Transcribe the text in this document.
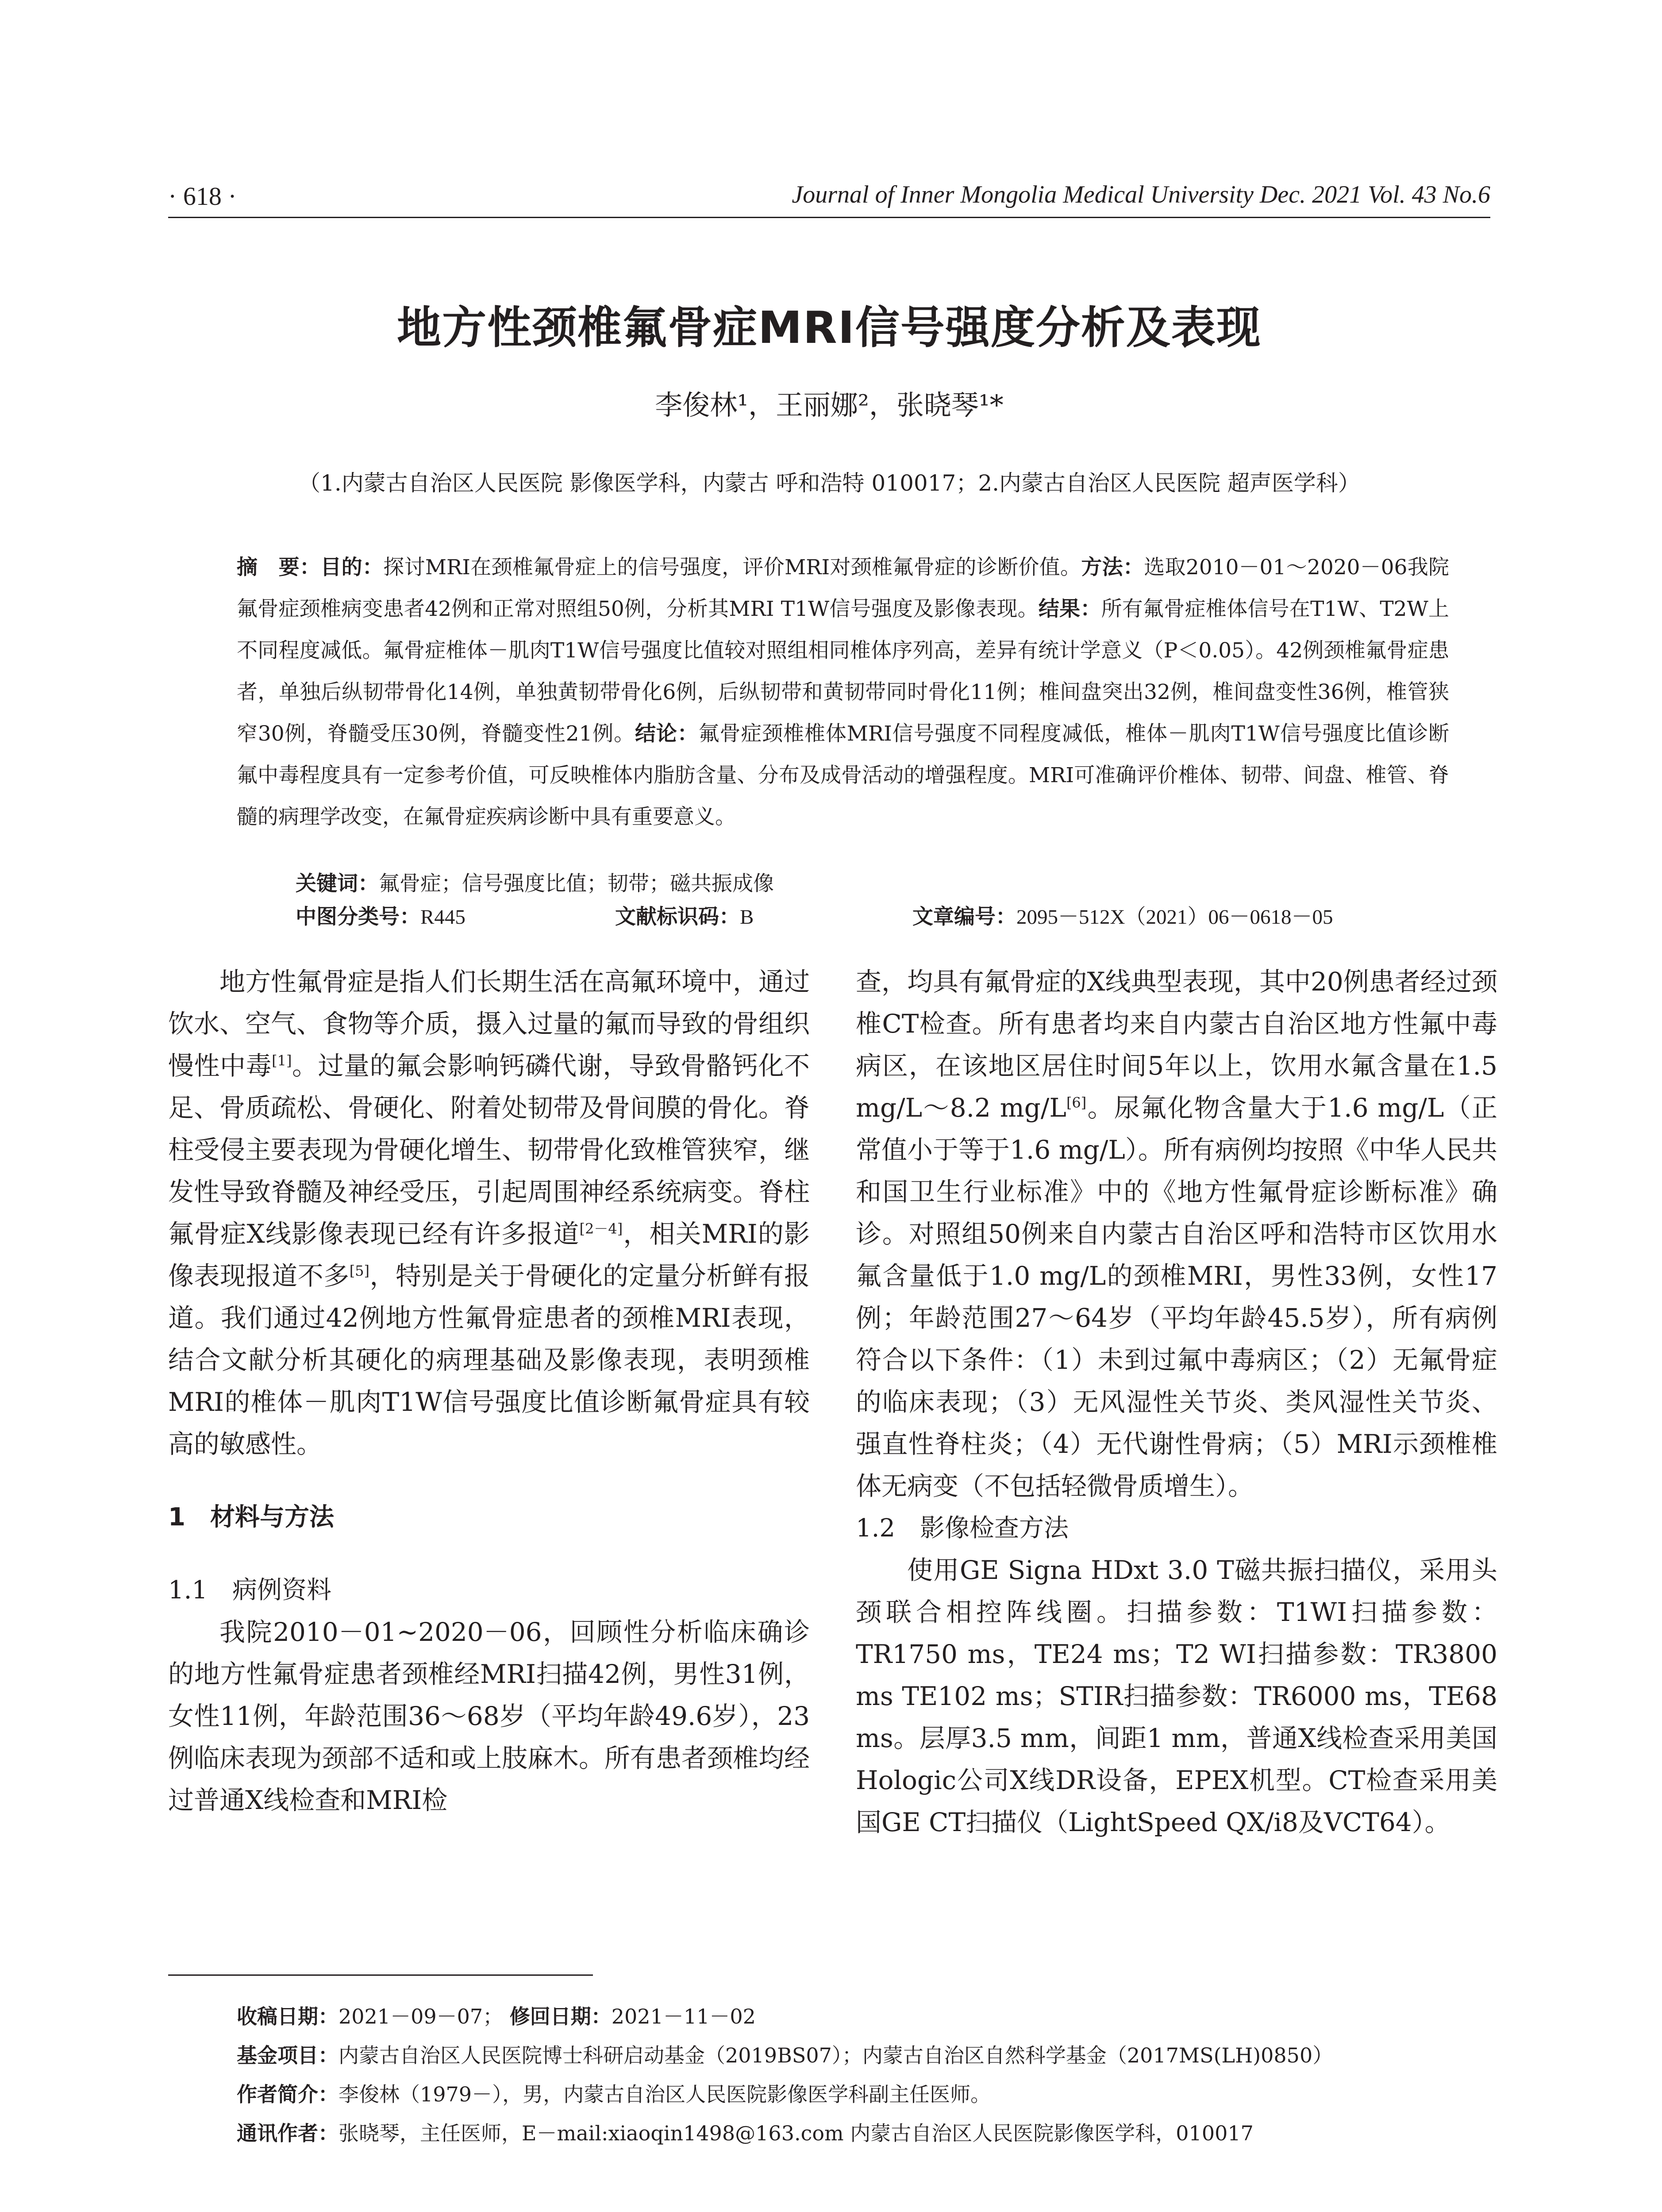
· 618 ·	Journal of Inner Mongolia Medical University Dec. 2021 Vol. 43 No.6
地方性颈椎氟骨症MRI信号强度分析及表现
李俊林¹，王丽娜²，张晓琴¹*
（1.内蒙古自治区人民医院 影像医学科，内蒙古 呼和浩特 010017；2.内蒙古自治区人民医院 超声医学科）
摘　要：目的：探讨MRI在颈椎氟骨症上的信号强度，评价MRI对颈椎氟骨症的诊断价值。方法：选取2010－01～2020－06我院氟骨症颈椎病变患者42例和正常对照组50例，分析其MRI T1W信号强度及影像表现。结果：所有氟骨症椎体信号在T1W、T2W上不同程度减低。氟骨症椎体－肌肉T1W信号强度比值较对照组相同椎体序列高，差异有统计学意义（P＜0.05）。42例颈椎氟骨症患者，单独后纵韧带骨化14例，单独黄韧带骨化6例，后纵韧带和黄韧带同时骨化11例；椎间盘突出32例，椎间盘变性36例，椎管狭窄30例，脊髓受压30例，脊髓变性21例。结论：氟骨症颈椎椎体MRI信号强度不同程度减低，椎体－肌肉T1W信号强度比值诊断氟中毒程度具有一定参考价值，可反映椎体内脂肪含量、分布及成骨活动的增强程度。MRI可准确评价椎体、韧带、间盘、椎管、脊髓的病理学改变，在氟骨症疾病诊断中具有重要意义。
关键词：氟骨症；信号强度比值；韧带；磁共振成像
中图分类号：R445	文献标识码：B	文章编号：2095－512X（2021）06－0618－05

地方性氟骨症是指人们长期生活在高氟环境中，通过饮水、空气、食物等介质，摄入过量的氟而导致的骨组织慢性中毒[1]。过量的氟会影响钙磷代谢，导致骨骼钙化不足、骨质疏松、骨硬化、附着处韧带及骨间膜的骨化。脊柱受侵主要表现为骨硬化增生、韧带骨化致椎管狭窄，继发性导致脊髓及神经受压，引起周围神经系统病变。脊柱氟骨症X线影像表现已经有许多报道[2－4]，相关MRI的影像表现报道不多[5]，特别是关于骨硬化的定量分析鲜有报道。我们通过42例地方性氟骨症患者的颈椎MRI表现，结合文献分析其硬化的病理基础及影像表现，表明颈椎MRI的椎体－肌肉T1W信号强度比值诊断氟骨症具有较高的敏感性。

1　材料与方法
1.1　病例资料

我院2010－01~2020－06，回顾性分析临床确诊的地方性氟骨症患者颈椎经MRI扫描42例，男性31例，女性11例，年龄范围36～68岁（平均年龄49.6岁），23例临床表现为颈部不适和或上肢麻木。所有患者颈椎均经过普通X线检查和MRI检

查，均具有氟骨症的X线典型表现，其中20例患者经过颈椎CT检查。所有患者均来自内蒙古自治区地方性氟中毒病区，在该地区居住时间5年以上，饮用水氟含量在1.5 mg/L～8.2 mg/L[6]。尿氟化物含量大于1.6 mg/L（正常值小于等于1.6 mg/L）。所有病例均按照《中华人民共和国卫生行业标准》中的《地方性氟骨症诊断标准》确诊。对照组50例来自内蒙古自治区呼和浩特市区饮用水氟含量低于1.0 mg/L的颈椎MRI，男性33例，女性17例；年龄范围27～64岁（平均年龄45.5岁），所有病例符合以下条件：（1）未到过氟中毒病区；（2）无氟骨症的临床表现；（3）无风湿性关节炎、类风湿性关节炎、强直性脊柱炎；（4）无代谢性骨病；（5）MRI示颈椎椎体无病变（不包括轻微骨质增生）。

1.2　影像检查方法

使用GE Signa HDxt 3.0 T磁共振扫描仪，采用头颈联合相控阵线圈。扫描参数：T1WI扫描参数：TR1750 ms，TE24 ms；T2 WI扫描参数：TR3800 ms TE102 ms；STIR扫描参数：TR6000 ms，TE68 ms。层厚3.5 mm，间距1 mm，普通X线检查采用美国Hologic公司X线DR设备，EPEX机型。CT检查采用美国GE CT扫描仪（LightSpeed QX/i8及VCT64）。

收稿日期：2021－09－07； 修回日期：2021－11－02
基金项目：内蒙古自治区人民医院博士科研启动基金（2019BS07）；内蒙古自治区自然科学基金（2017MS(LH)0850）
作者简介：李俊林（1979－），男，内蒙古自治区人民医院影像医学科副主任医师。
通讯作者：张晓琴，主任医师，E－mail:xiaoqin1498@163.com 内蒙古自治区人民医院影像医学科，010017
